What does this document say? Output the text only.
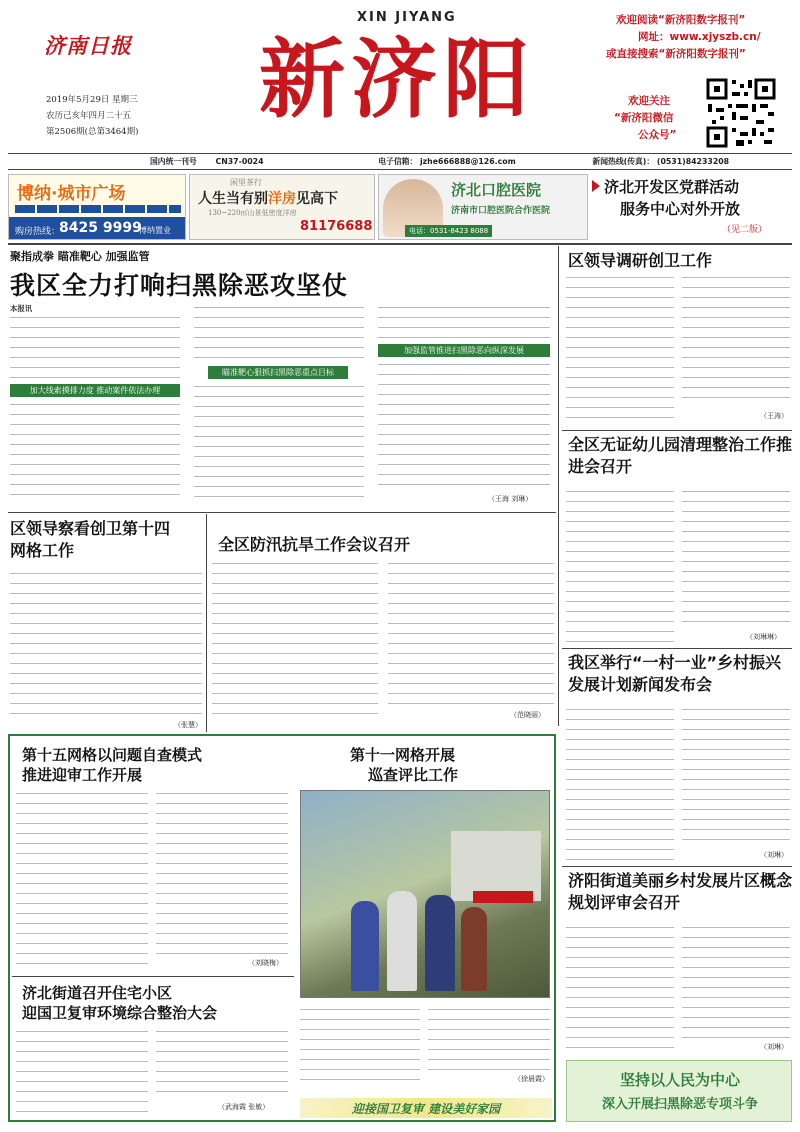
济南日报
2019年5月29日 星期三
农历己亥年四月二十五
第2506期(总第3464期)
XIN JIYANG
新济阳
欢迎阅读“新济阳数字报刊”
网址：www.xjyszb.cn/
或直接搜索“新济阳数字报刊”
欢迎关注
“新济阳微信
公众号”
国内统一刊号 CN37-0024	电子信箱： jzhe666888@126.com	新闻热线(传真)： (0531)84233208
博纳·城市广场
购房热线：
8425 9999
博纳置业
闲里茶行
人生当有别洋房见高下
130~220㎡山景低密度洋房
81176688
济北口腔医院
济南市口腔医院合作医院
电话：0531-8423 8088
济北开发区党群活动
服务中心对外开放
（见二版）
聚指成拳 瞄准靶心 加强监管
我区全力打响扫黑除恶攻坚仗
本报讯
加大线索摸排力度 推动案件依法办理
瞄准靶心狠抓扫黑除恶重点目标
加强监管推进扫黑除恶向纵深发展
（王海 刘琳）
区领导调研创卫工作
（王涛）
全区无证幼儿园清理整治工作推进会召开
（刘琳琳）
区领导察看创卫第十四网格工作
（张慧）
全区防汛抗旱工作会议召开
（范晓丽）
第十五网格以问题自查模式
推进迎审工作开展
（刘晓梅）
第十一网格开展
巡查评比工作
（徐晨霞）
济北街道召开住宅小区
迎国卫复审环境综合整治大会
（武海霞 张敏）	迎接国卫复审 建设美好家园
我区举行“一村一业”乡村振兴发展计划新闻发布会
（刘琳）
济阳街道美丽乡村发展片区概念规划评审会召开
（刘琳）
坚持以人民为中心
深入开展扫黑除恶专项斗争
